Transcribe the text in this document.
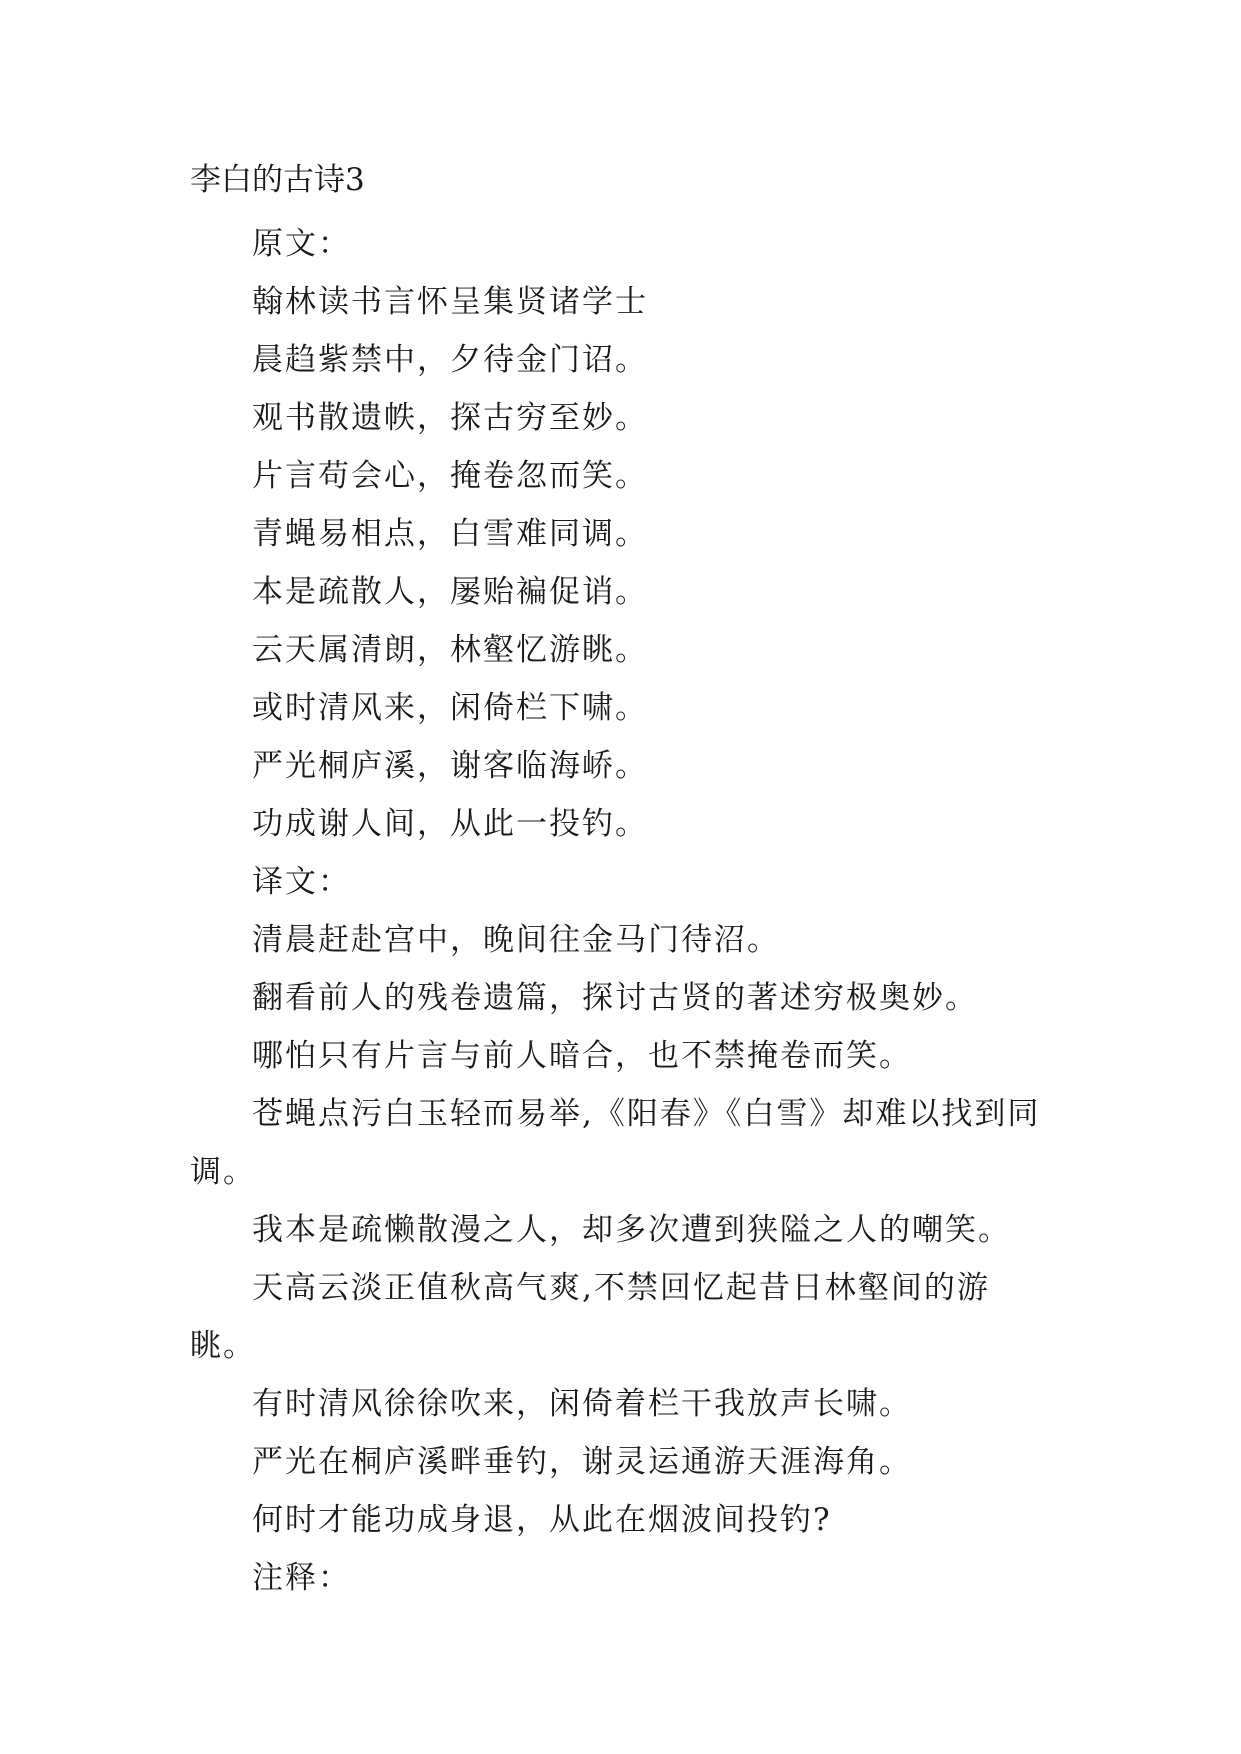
李白的古诗3

原文：

翰林读书言怀呈集贤诸学士

晨趋紫禁中，夕待金门诏。

观书散遗帙，探古穷至妙。

片言苟会心，掩卷忽而笑。

青蝇易相点，白雪难同调。

本是疏散人，屡贻褊促诮。

云天属清朗，林壑忆游眺。

或时清风来，闲倚栏下啸。

严光桐庐溪，谢客临海峤。

功成谢人间，从此一投钓。

译文：

清晨赶赴宫中，晚间往金马门待沼。

翻看前人的残卷遗篇，探讨古贤的著述穷极奥妙。

哪怕只有片言与前人暗合，也不禁掩卷而笑。

苍蝇点污白玉轻而易举,《阳春》《白雪》却难以找到同调。

我本是疏懒散漫之人，却多次遭到狭隘之人的嘲笑。

天高云淡正值秋高气爽,不禁回忆起昔日林壑间的游眺。

有时清风徐徐吹来，闲倚着栏干我放声长啸。

严光在桐庐溪畔垂钓，谢灵运通游天涯海角。

何时才能功成身退，从此在烟波间投钓?

注释：
